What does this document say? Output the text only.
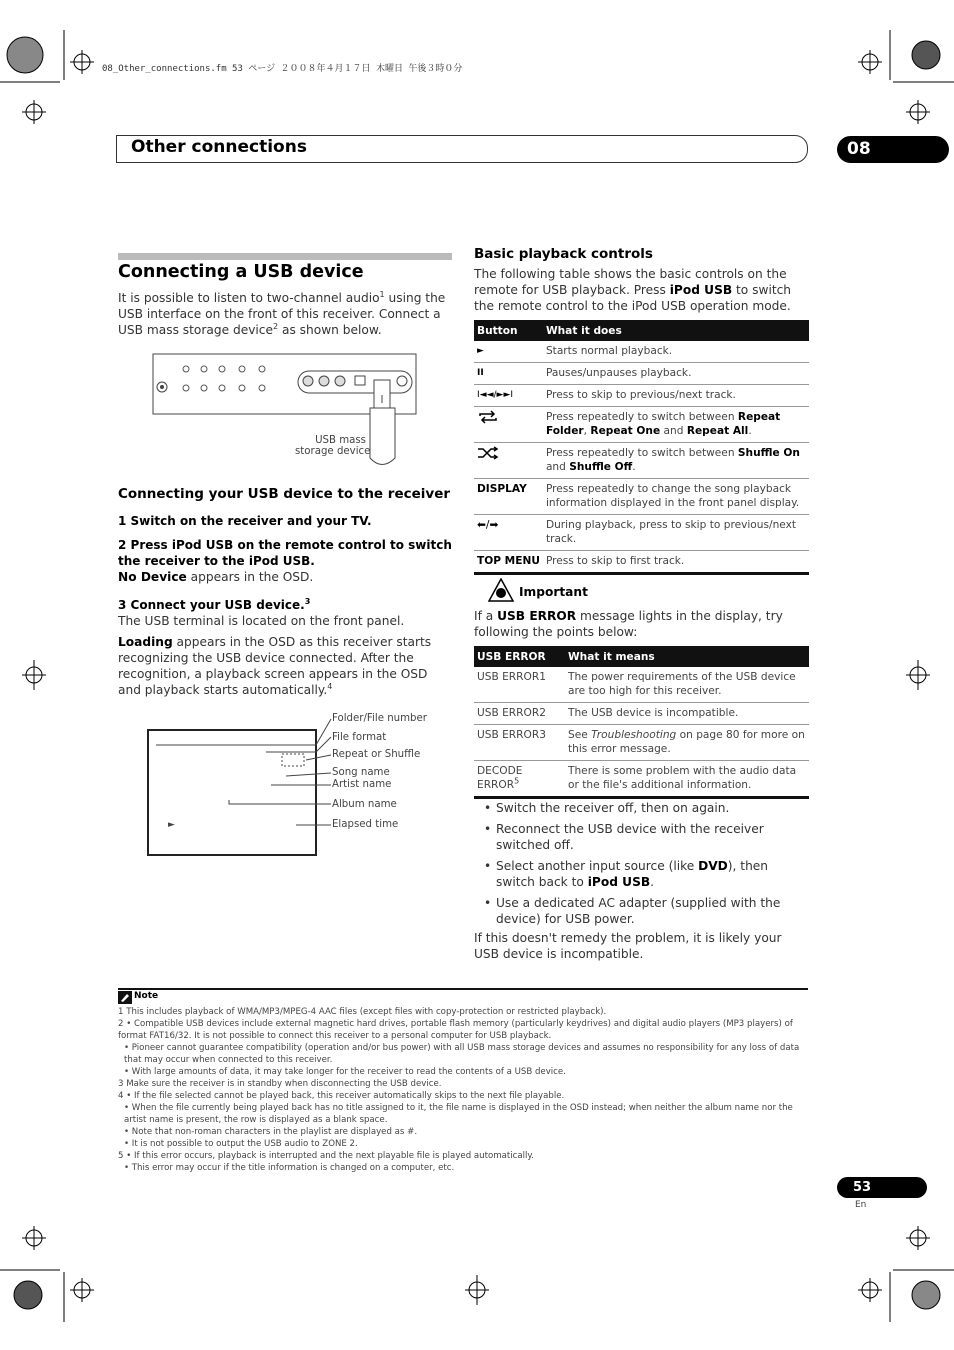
08_Other_connections.fm 53 ページ ２００８年４月１７日 木曜日 午後３時０分
Other connections	08
Connecting a USB device
It is possible to listen to two-channel audio$^1$ using the USB interface on the front of this receiver. Connect a USB mass storage device$^2$ as shown below.
USB mass
storage device
Connecting your USB device to the receiver
1 Switch on the receiver and your TV.
2 Press iPod USB on the remote control to switch the receiver to the iPod USB.
No Device appears in the OSD.
3 Connect your USB device.$^3$
The USB terminal is located on the front panel.
Loading appears in the OSD as this receiver starts recognizing the USB device connected. After the recognition, a playback screen appears in the OSD and playback starts automatically.$^4$
►
Folder/File number
File format
Repeat or Shuffle
Song name
Artist name
Album name
Elapsed time
Basic playback controls
The following table shows the basic controls on the remote for USB playback. Press iPod USB to switch the remote control to the iPod USB operation mode.
Button	What it does
►	Starts normal playback.
II	Pauses/unpauses playback.
I◄◄/►►I	Press to skip to previous/next track.
	Press repeatedly to switch between Repeat Folder, Repeat One and Repeat All.
	Press repeatedly to switch between Shuffle On and Shuffle Off.
DISPLAY	Press repeatedly to change the song playback information displayed in the front panel display.
⬅/➡	During playback, press to skip to previous/next track.
TOP MENU	Press to skip to first track.
Important
If a USB ERROR message lights in the display, try following the points below:
USB ERROR	What it means
USB ERROR1	The power requirements of the USB device are too high for this receiver.
USB ERROR2	The USB device is incompatible.
USB ERROR3	See Troubleshooting on page 80 for more on this error message.
DECODE ERROR$^5$	There is some problem with the audio data or the file's additional information.
• Switch the receiver off, then on again.
• Reconnect the USB device with the receiver switched off.
• Select another input source (like DVD), then switch back to iPod USB.
• Use a dedicated AC adapter (supplied with the device) for USB power.
If this doesn't remedy the problem, it is likely your USB device is incompatible.
Note
1 This includes playback of WMA/MP3/MPEG-4 AAC files (except files with copy-protection or restricted playback).
2 • Compatible USB devices include external magnetic hard drives, portable flash memory (particularly keydrives) and digital audio players (MP3 players) of format FAT16/32. It is not possible to connect this receiver to a personal computer for USB playback.
• Pioneer cannot guarantee compatibility (operation and/or bus power) with all USB mass storage devices and assumes no responsibility for any loss of data that may occur when connected to this receiver.
• With large amounts of data, it may take longer for the receiver to read the contents of a USB device.
3 Make sure the receiver is in standby when disconnecting the USB device.
4 • If the file selected cannot be played back, this receiver automatically skips to the next file playable.
• When the file currently being played back has no title assigned to it, the file name is displayed in the OSD instead; when neither the album name nor the artist name is present, the row is displayed as a blank space.
• Note that non-roman characters in the playlist are displayed as #.
• It is not possible to output the USB audio to ZONE 2.
5 • If this error occurs, playback is interrupted and the next playable file is played automatically.
• This error may occur if the title information is changed on a computer, etc.
53
En
